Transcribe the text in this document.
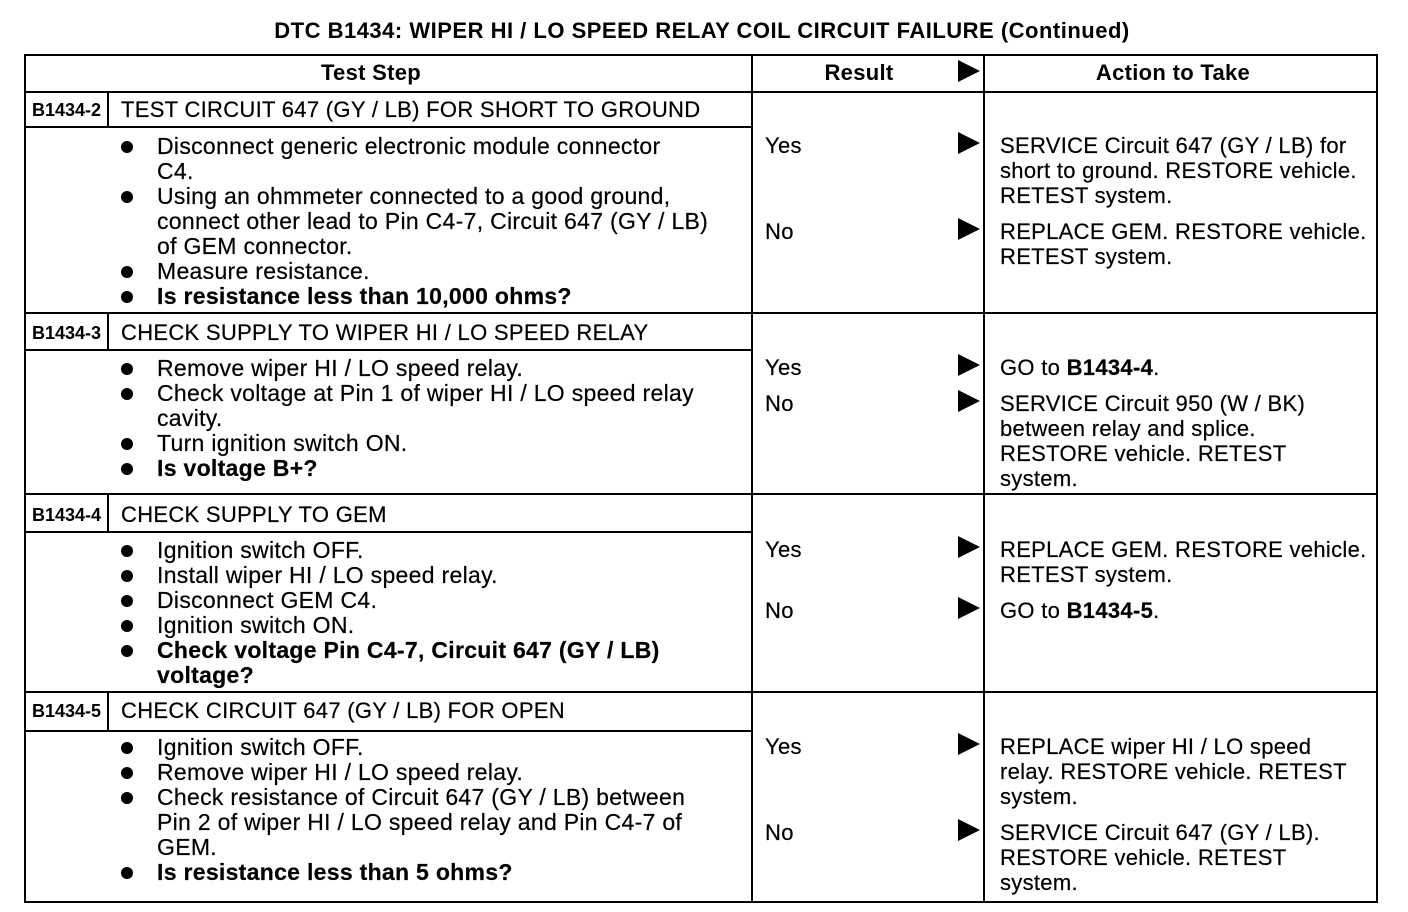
DTC B1434: WIPER HI / LO SPEED RELAY COIL CIRCUIT FAILURE (Continued)
Test Step	Result	Action to Take
B1434-2 TEST CIRCUIT 647 (GY / LB) FOR SHORT TO GROUND
Disconnect generic electronic module connector
C4.
Using an ohmmeter connected to a good ground,
connect other lead to Pin C4-7, Circuit 647 (GY / LB)
of GEM connector.
Measure resistance.
Is resistance less than 10,000 ohms?
Yes	SERVICE Circuit 647 (GY / LB) for
short to ground. RESTORE vehicle.
RETEST system.
No	REPLACE GEM. RESTORE vehicle.
RETEST system.
B1434-3 CHECK SUPPLY TO WIPER HI / LO SPEED RELAY
Remove wiper HI / LO speed relay.
Check voltage at Pin 1 of wiper HI / LO speed relay
cavity.
Turn ignition switch ON.
Is voltage B+?
Yes	GO to B1434-4.
No	SERVICE Circuit 950 (W / BK)
between relay and splice.
RESTORE vehicle. RETEST
system.
B1434-4 CHECK SUPPLY TO GEM
Ignition switch OFF.
Install wiper HI / LO speed relay.
Disconnect GEM C4.
Ignition switch ON.
Check voltage Pin C4-7, Circuit 647 (GY / LB)
voltage?
Yes	REPLACE GEM. RESTORE vehicle.
RETEST system.
No	GO to B1434-5.
B1434-5 CHECK CIRCUIT 647 (GY / LB) FOR OPEN
Ignition switch OFF.
Remove wiper HI / LO speed relay.
Check resistance of Circuit 647 (GY / LB) between
Pin 2 of wiper HI / LO speed relay and Pin C4-7 of
GEM.
Is resistance less than 5 ohms?
Yes	REPLACE wiper HI / LO speed
relay. RESTORE vehicle. RETEST
system.
No	SERVICE Circuit 647 (GY / LB).
RESTORE vehicle. RETEST
system.
